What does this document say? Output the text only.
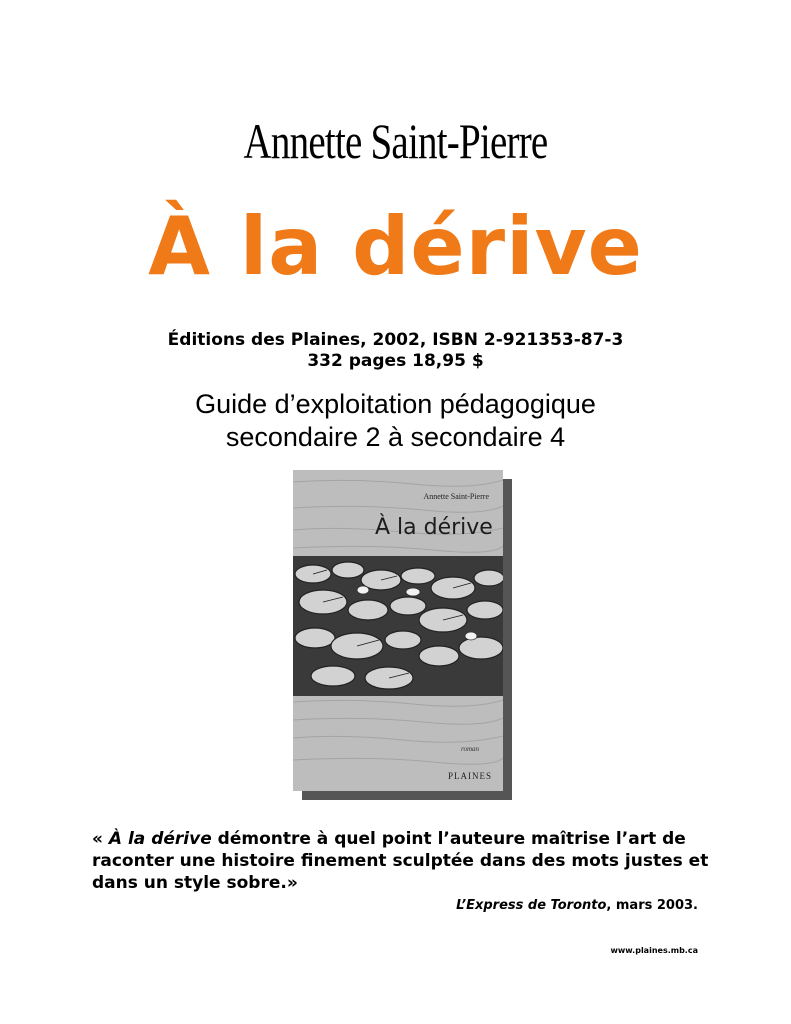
Annette Saint-Pierre
À la dérive
Éditions des Plaines, 2002, ISBN 2-921353-87-3
332 pages 18,95 $
Guide d’exploitation pédagogique
secondaire 2 à secondaire 4
Annette Saint-Pierre
À la dérive
roman
PLAINES
« À la dérive démontre à quel point l’auteure maîtrise l’art de raconter une histoire finement sculptée dans des mots justes et dans un style sobre.»
L’Express de Toronto, mars 2003.
www.plaines.mb.ca
